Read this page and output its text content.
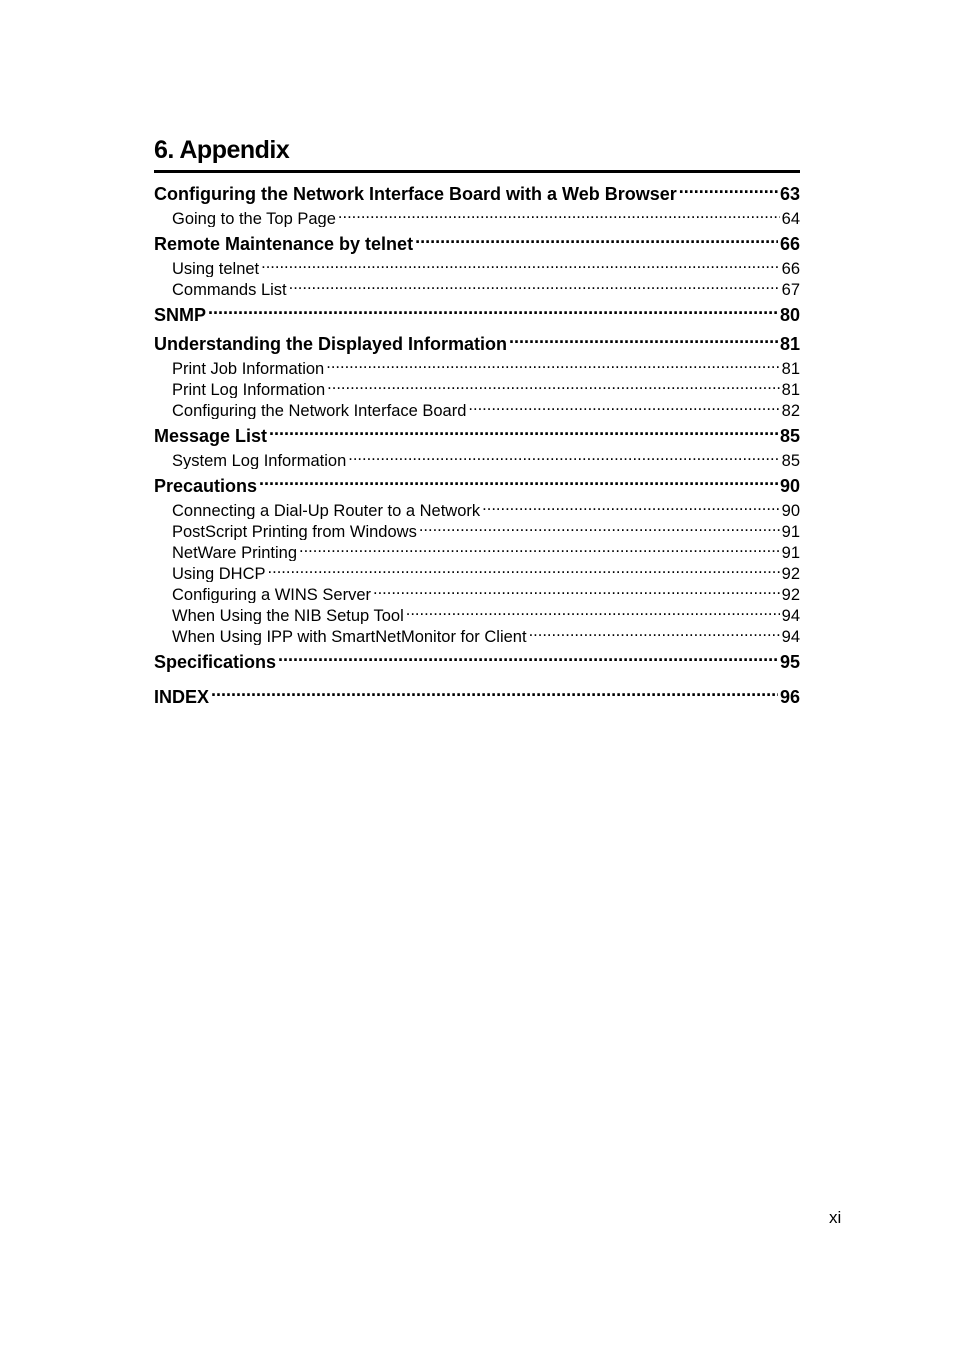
6. Appendix
Configuring the Network Interface Board with a Web Browser .....	63
Going to the Top Page .....	64
Remote Maintenance by telnet .....	66
Using telnet .....	66
Commands List .....	67
SNMP .....	80
Understanding the Displayed Information .....	81
Print Job Information .....	81
Print Log Information .....	81
Configuring the Network Interface Board .....	82
Message List .....	85
System Log Information .....	85
Precautions .....	90
Connecting a Dial-Up Router to a Network .....	90
PostScript Printing from Windows .....	91
NetWare Printing .....	91
Using DHCP .....	92
Configuring a WINS Server .....	92
When Using the NIB Setup Tool .....	94
When Using IPP with SmartNetMonitor for Client .....	94
Specifications .....	95
INDEX .....	96
xi
